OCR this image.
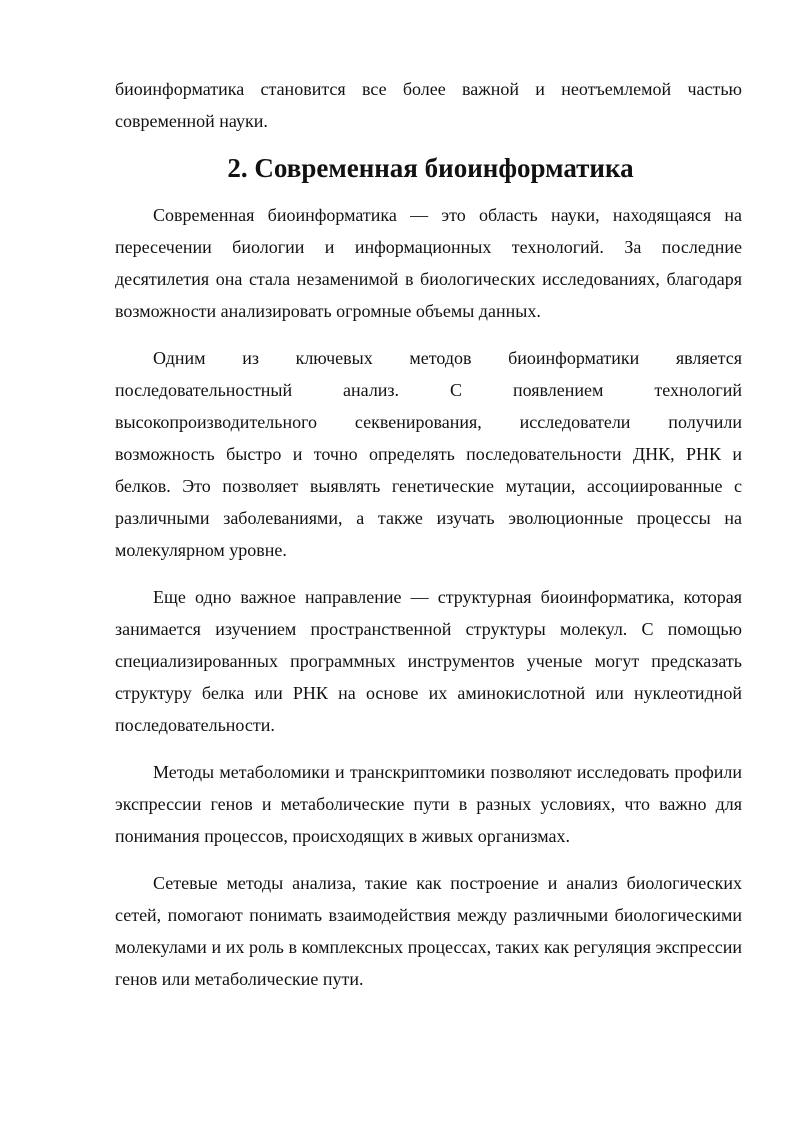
биоинформатика становится все более важной и неотъемлемой частью современной науки.

2. Современная биоинформатика

Современная биоинформатика — это область науки, находящаяся на пересечении биологии и информационных технологий. За последние десятилетия она стала незаменимой в биологических исследованиях, благодаря возможности анализировать огромные объемы данных.

Одним из ключевых методов биоинформатики является последовательностный анализ. С появлением технологий высокопроизводительного секвенирования, исследователи получили возможность быстро и точно определять последовательности ДНК, РНК и белков. Это позволяет выявлять генетические мутации, ассоциированные с различными заболеваниями, а также изучать эволюционные процессы на молекулярном уровне.

Еще одно важное направление — структурная биоинформатика, которая занимается изучением пространственной структуры молекул. С помощью специализированных программных инструментов ученые могут предсказать структуру белка или РНК на основе их аминокислотной или нуклеотидной последовательности.

Методы метаболомики и транскриптомики позволяют исследовать профили экспрессии генов и метаболические пути в разных условиях, что важно для понимания процессов, происходящих в живых организмах.

Сетевые методы анализа, такие как построение и анализ биологических сетей, помогают понимать взаимодействия между различными биологическими молекулами и их роль в комплексных процессах, таких как регуляция экспрессии генов или метаболические пути.
